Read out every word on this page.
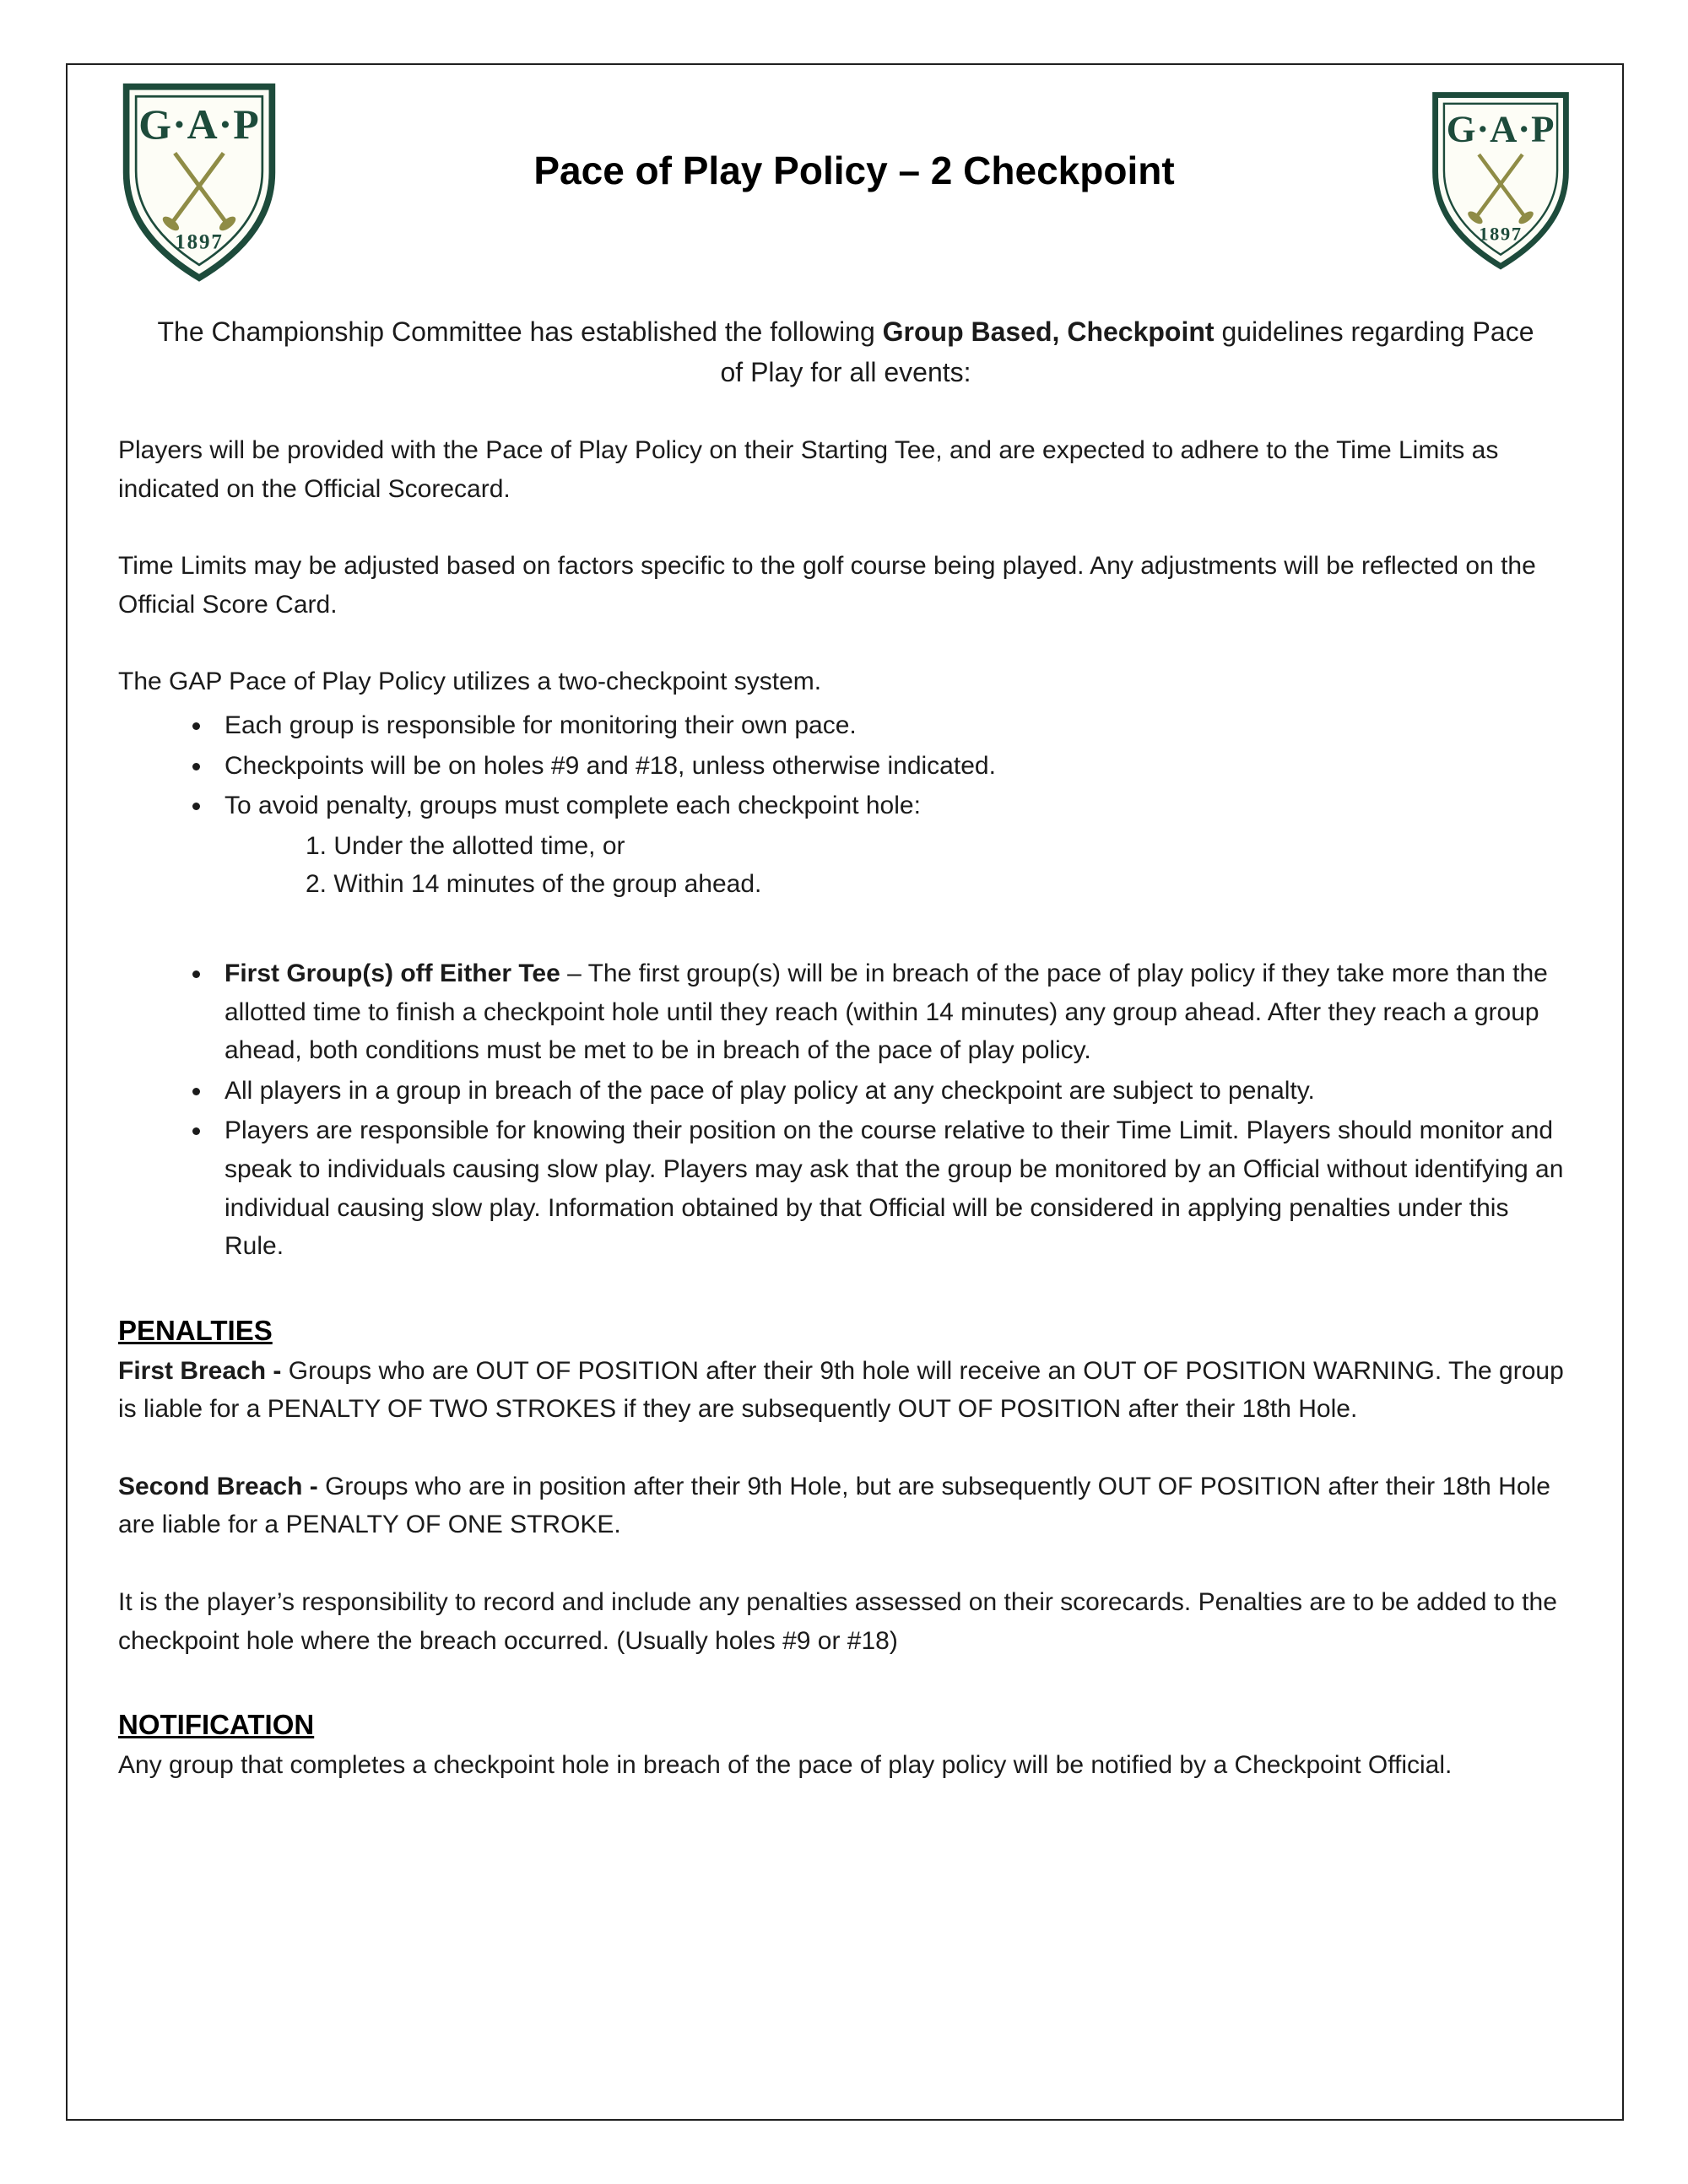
G·A·P
1897
Pace of Play Policy – 2 Checkpoint
G·A·P
1897

The Championship Committee has established the following Group Based, Checkpoint guidelines regarding Pace of Play for all events:

Players will be provided with the Pace of Play Policy on their Starting Tee, and are expected to adhere to the Time Limits as indicated on the Official Scorecard.

Time Limits may be adjusted based on factors specific to the golf course being played. Any adjustments will be reflected on the Official Score Card.

The GAP Pace of Play Policy utilizes a two-checkpoint system.

• Each group is responsible for monitoring their own pace.
• Checkpoints will be on holes #9 and #18, unless otherwise indicated.
• To avoid penalty, groups must complete each checkpoint hole:
1. Under the allotted time, or
2. Within 14 minutes of the group ahead.
• First Group(s) off Either Tee – The first group(s) will be in breach of the pace of play policy if they take more than the allotted time to finish a checkpoint hole until they reach (within 14 minutes) any group ahead. After they reach a group ahead, both conditions must be met to be in breach of the pace of play policy.
• All players in a group in breach of the pace of play policy at any checkpoint are subject to penalty.
• Players are responsible for knowing their position on the course relative to their Time Limit. Players should monitor and speak to individuals causing slow play. Players may ask that the group be monitored by an Official without identifying an individual causing slow play. Information obtained by that Official will be considered in applying penalties under this Rule.
PENALTIES

First Breach - Groups who are OUT OF POSITION after their 9th hole will receive an OUT OF POSITION WARNING. The group is liable for a PENALTY OF TWO STROKES if they are subsequently OUT OF POSITION after their 18th Hole.

Second Breach - Groups who are in position after their 9th Hole, but are subsequently OUT OF POSITION after their 18th Hole are liable for a PENALTY OF ONE STROKE.

It is the player’s responsibility to record and include any penalties assessed on their scorecards. Penalties are to be added to the checkpoint hole where the breach occurred. (Usually holes #9 or #18)

NOTIFICATION

Any group that completes a checkpoint hole in breach of the pace of play policy will be notified by a Checkpoint Official.
